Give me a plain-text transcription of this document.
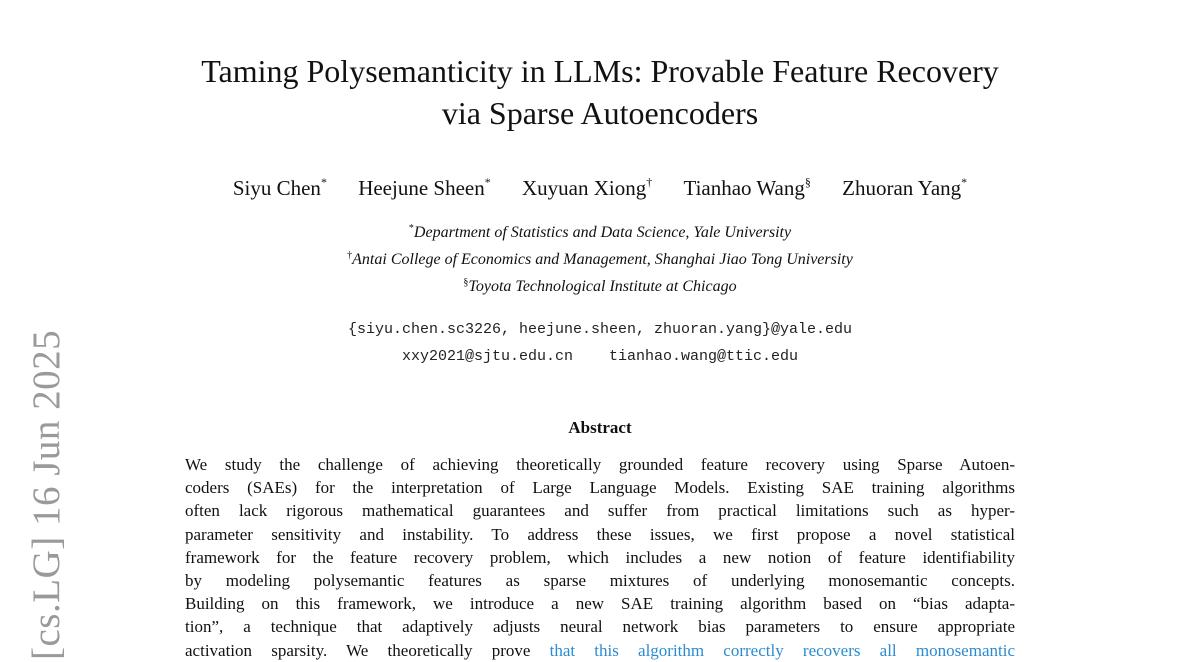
[cs.LG] 16 Jun 2025
Taming Polysemanticity in LLMs: Provable Feature Recovery
via Sparse Autoencoders
Siyu Chen* Heejune Sheen* Xuyuan Xiong† Tianhao Wang§ Zhuoran Yang*
*Department of Statistics and Data Science, Yale University
†Antai College of Economics and Management, Shanghai Jiao Tong University
§Toyota Technological Institute at Chicago
{siyu.chen.sc3226, heejune.sheen, zhuoran.yang}@yale.edu
xxy2021@sjtu.edu.cn    tianhao.wang@ttic.edu
Abstract
We study the challenge of achieving theoretically grounded feature recovery using Sparse Autoen-
coders (SAEs) for the interpretation of Large Language Models. Existing SAE training algorithms
often lack rigorous mathematical guarantees and suffer from practical limitations such as hyper-
parameter sensitivity and instability. To address these issues, we first propose a novel statistical
framework for the feature recovery problem, which includes a new notion of feature identifiability
by modeling polysemantic features as sparse mixtures of underlying monosemantic concepts.
Building on this framework, we introduce a new SAE training algorithm based on “bias adapta-
tion”, a technique that adaptively adjusts neural network bias parameters to ensure appropriate
activation sparsity. We theoretically prove that this algorithm correctly recovers all monosemantic
